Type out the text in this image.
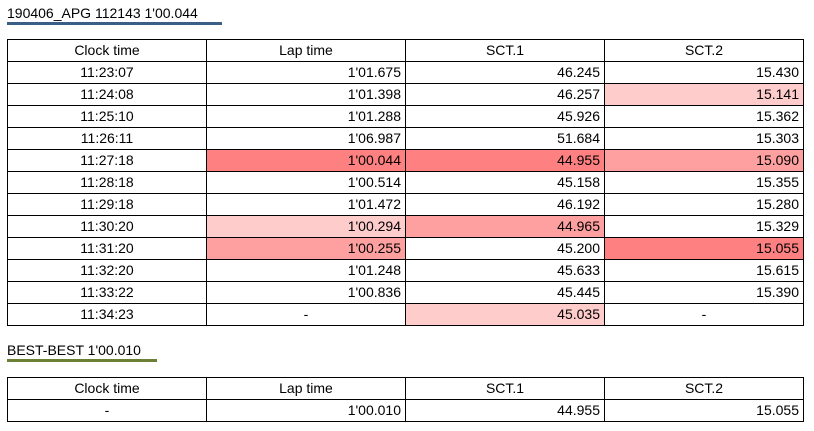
190406_APG 112143 1'00.044
Clock time	Lap time	SCT.1	SCT.2
11:23:07	1'01.675	46.245	15.430
11:24:08	1'01.398	46.257	15.141
11:25:10	1'01.288	45.926	15.362
11:26:11	1'06.987	51.684	15.303
11:27:18	1'00.044	44.955	15.090
11:28:18	1'00.514	45.158	15.355
11:29:18	1'01.472	46.192	15.280
11:30:20	1'00.294	44.965	15.329
11:31:20	1'00.255	45.200	15.055
11:32:20	1'01.248	45.633	15.615
11:33:22	1'00.836	45.445	15.390
11:34:23	-	45.035	-
BEST-BEST 1'00.010
Clock time	Lap time	SCT.1	SCT.2
-	1'00.010	44.955	15.055
